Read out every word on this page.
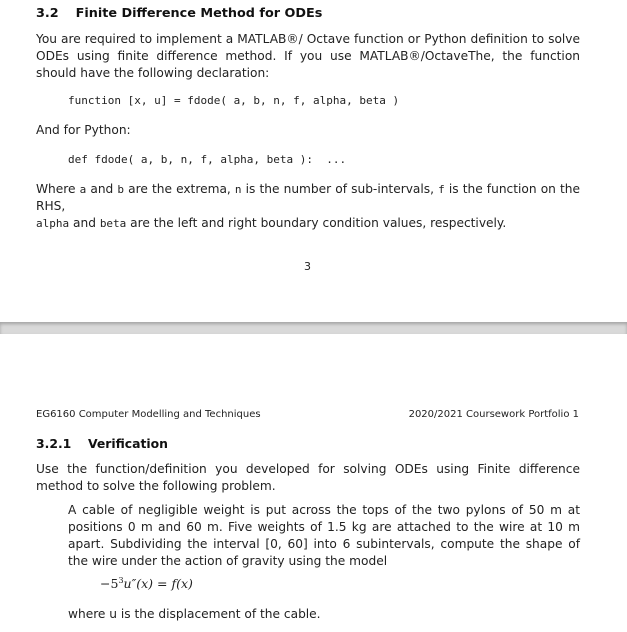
3.2 Finite Difference Method for ODEs
You are required to implement a MATLAB®/ Octave function or Python definition to solve ODEs using finite difference method. If you use MATLAB®/OctaveThe, the function should have the following declaration:
function [x, u] = fdode( a, b, n, f, alpha, beta )
And for Python:
def fdode( a, b, n, f, alpha, beta ):  ...
Where a and b are the extrema, n is the number of sub-intervals, f is the function on the RHS,
alpha and beta are the left and right boundary condition values, respectively.
3
EG6160 Computer Modelling and Techniques	2020/2021 Coursework Portfolio 1
3.2.1 Verification
Use the function/definition you developed for solving ODEs using Finite difference method to solve the following problem.
A cable of negligible weight is put across the tops of the two pylons of 50 m at positions 0 m and 60 m. Five weights of 1.5 kg are attached to the wire at 10 m apart. Subdividing the interval [0, 60] into 6 subintervals, compute the shape of the wire under the action of gravity using the model
$-5^3u''(x) = f(x)$
where u is the displacement of the cable.
